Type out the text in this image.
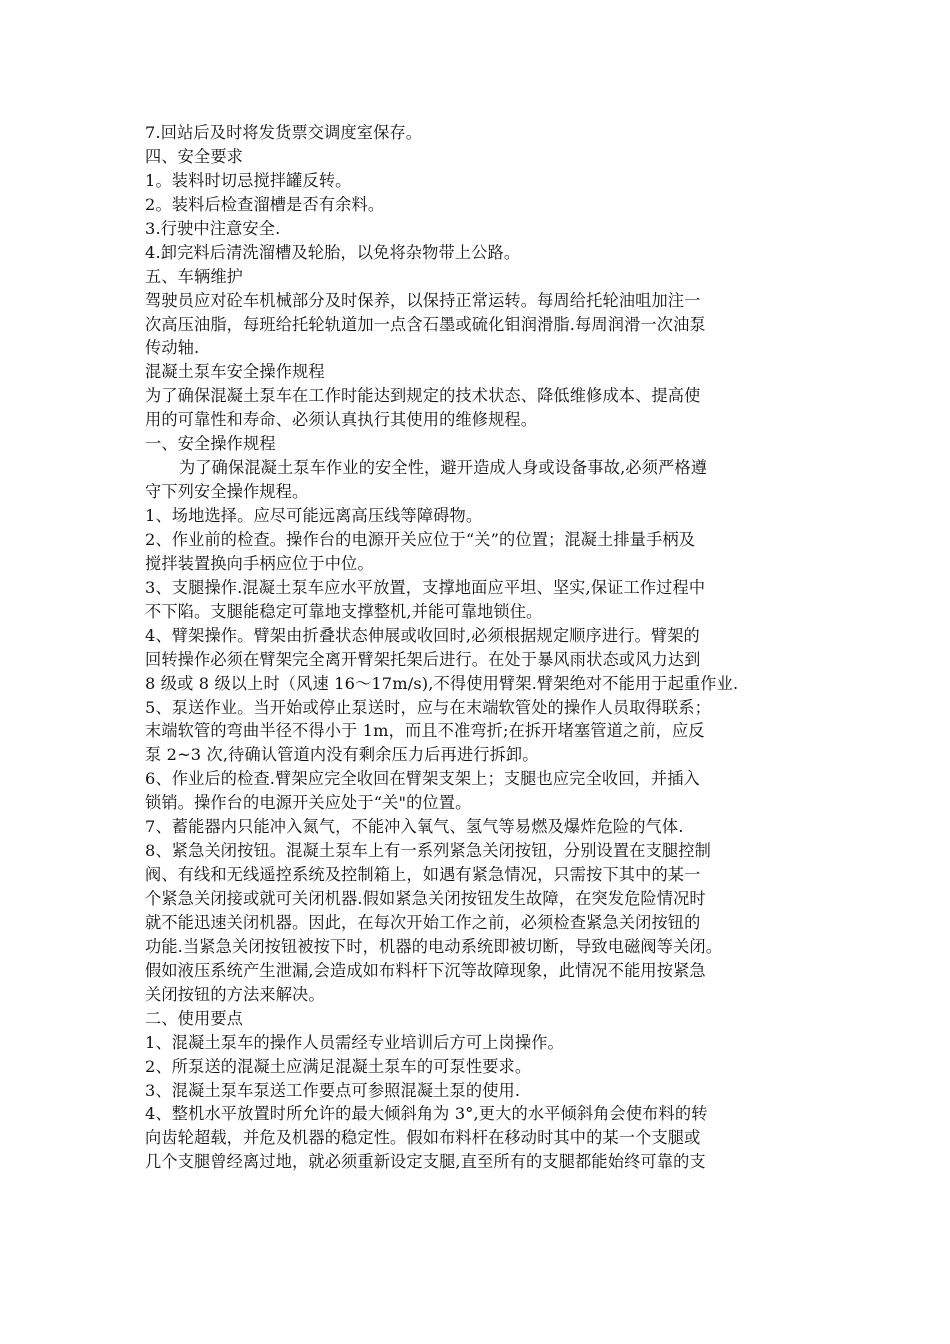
7.回站后及时将发货票交调度室保存。
四、安全要求
1。装料时切忌搅拌罐反转。
2。装料后检查溜槽是否有余料。
3.行驶中注意安全.
4.卸完料后清洗溜槽及轮胎，以免将杂物带上公路。
五、车辆维护
驾驶员应对砼车机械部分及时保养，以保持正常运转。每周给托轮油咀加注一
次高压油脂，每班给托轮轨道加一点含石墨或硫化钼润滑脂.每周润滑一次油泵
传动轴.
混凝土泵车安全操作规程
为了确保混凝土泵车在工作时能达到规定的技术状态、降低维修成本、提高使
用的可靠性和寿命、必须认真执行其使用的维修规程。
一、安全操作规程
为了确保混凝土泵车作业的安全性，避开造成人身或设备事故,必须严格遵
守下列安全操作规程。
1、场地选择。应尽可能远离高压线等障碍物。
2、作业前的检查。操作台的电源开关应位于“关”的位置；混凝土排量手柄及
搅拌装置换向手柄应位于中位。
3、支腿操作.混凝土泵车应水平放置，支撑地面应平坦、坚实,保证工作过程中
不下陷。支腿能稳定可靠地支撑整机,并能可靠地锁住。
4、臂架操作。臂架由折叠状态伸展或收回时,必须根据规定顺序进行。臂架的
回转操作必须在臂架完全离开臂架托架后进行。在处于暴风雨状态或风力达到
8 级或 8 级以上时（风速 16～17m/s),不得使用臂架.臂架绝对不能用于起重作业.
5、泵送作业。当开始或停止泵送时，应与在末端软管处的操作人员取得联系；
末端软管的弯曲半径不得小于 1m，而且不准弯折;在拆开堵塞管道之前，应反
泵 2~3 次,待确认管道内没有剩余压力后再进行拆卸。
6、作业后的检查.臂架应完全收回在臂架支架上；支腿也应完全收回，并插入
锁销。操作台的电源开关应处于“关"的位置。
7、蓄能器内只能冲入氮气，不能冲入氧气、氢气等易燃及爆炸危险的气体.
8、紧急关闭按钮。混凝土泵车上有一系列紧急关闭按钮，分别设置在支腿控制
阀、有线和无线遥控系统及控制箱上，如遇有紧急情况，只需按下其中的某一
个紧急关闭接或就可关闭机器.假如紧急关闭按钮发生故障，在突发危险情况时
就不能迅速关闭机器。因此，在每次开始工作之前，必须检查紧急关闭按钮的
功能.当紧急关闭按钮被按下时，机器的电动系统即被切断，导致电磁阀等关闭。
假如液压系统产生泄漏,会造成如布料杆下沉等故障现象，此情况不能用按紧急
关闭按钮的方法来解决。
二、使用要点
1、混凝土泵车的操作人员需经专业培训后方可上岗操作。
2、所泵送的混凝土应满足混凝土泵车的可泵性要求。
3、混凝土泵车泵送工作要点可参照混凝土泵的使用.
4、整机水平放置时所允许的最大倾斜角为 3°,更大的水平倾斜角会使布料的转
向齿轮超载，并危及机器的稳定性。假如布料杆在移动时其中的某一个支腿或
几个支腿曾经离过地，就必须重新设定支腿,直至所有的支腿都能始终可靠的支
